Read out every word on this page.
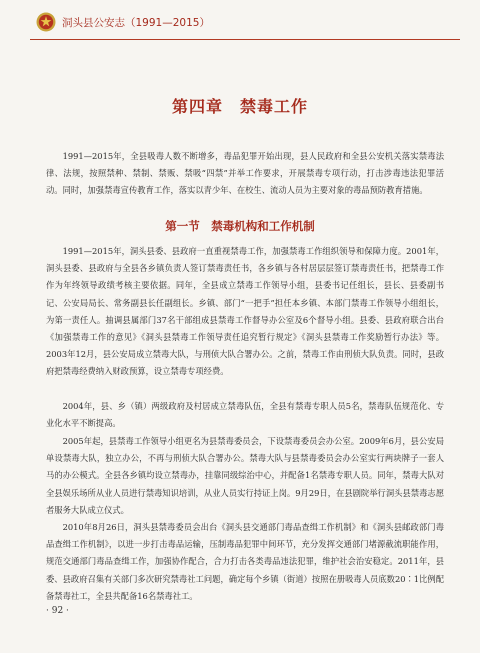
洞头县公安志（1991—2015）
第四章　禁毒工作

1991—2015年，全县吸毒人数不断增多，毒品犯罪开始出现，县人民政府和全县公安机关落实禁毒法律、法规，按照禁种、禁制、禁贩、禁吸“四禁”并举工作要求，开展禁毒专项行动，打击涉毒违法犯罪活动。同时，加强禁毒宣传教育工作，落实以青少年、在校生、流动人员为主要对象的毒品预防教育措施。

第一节　禁毒机构和工作机制

1991—2015年，洞头县委、县政府一直重视禁毒工作，加强禁毒工作组织领导和保障力度。2001年，洞头县委、县政府与全县各乡镇负责人签订禁毒责任书，各乡镇与各村居层层签订禁毒责任书，把禁毒工作作为年终领导政绩考核主要依据。同年，全县成立禁毒工作领导小组，县委书记任组长，县长、县委副书记、公安局局长、常务副县长任副组长。乡镇、部门“一把手”担任本乡镇、本部门禁毒工作领导小组组长，为第一责任人。抽调县属部门37名干部组成县禁毒工作督导办公室及6个督导小组。县委、县政府联合出台《加强禁毒工作的意见》《洞头县禁毒工作领导责任追究暂行规定》《洞头县禁毒工作奖励暂行办法》等。2003年12月，县公安局成立禁毒大队，与刑侦大队合署办公。之前，禁毒工作由刑侦大队负责。同时，县政府把禁毒经费纳入财政预算，设立禁毒专项经费。

2004年，县、乡（镇）两级政府及村居成立禁毒队伍，全县有禁毒专职人员5名，禁毒队伍规范化、专业化水平不断提高。

2005年起，县禁毒工作领导小组更名为县禁毒委员会，下设禁毒委员会办公室。2009年6月，县公安局单设禁毒大队，独立办公，不再与刑侦大队合署办公。禁毒大队与县禁毒委员会办公室实行两块牌子一套人马的办公模式。全县各乡镇均设立禁毒办，挂靠同级综治中心，并配备1名禁毒专职人员。同年，禁毒大队对全县娱乐场所从业人员进行禁毒知识培训，从业人员实行持证上岗。9月29日，在县剧院举行洞头县禁毒志愿者服务大队成立仪式。

2010年8月26日，洞头县禁毒委员会出台《洞头县交通部门毒品查缉工作机制》和《洞头县邮政部门毒品查缉工作机制》，以进一步打击毒品运输，压制毒品犯罪中间环节，充分发挥交通部门堵源截流职能作用，规范交通部门毒品查缉工作，加强协作配合，合力打击各类毒品违法犯罪，维护社会治安稳定。2011年，县委、县政府召集有关部门多次研究禁毒社工问题，确定每个乡镇（街道）按照在册吸毒人员底数20∶1比例配备禁毒社工，全县共配备16名禁毒社工。

· 92 ·
